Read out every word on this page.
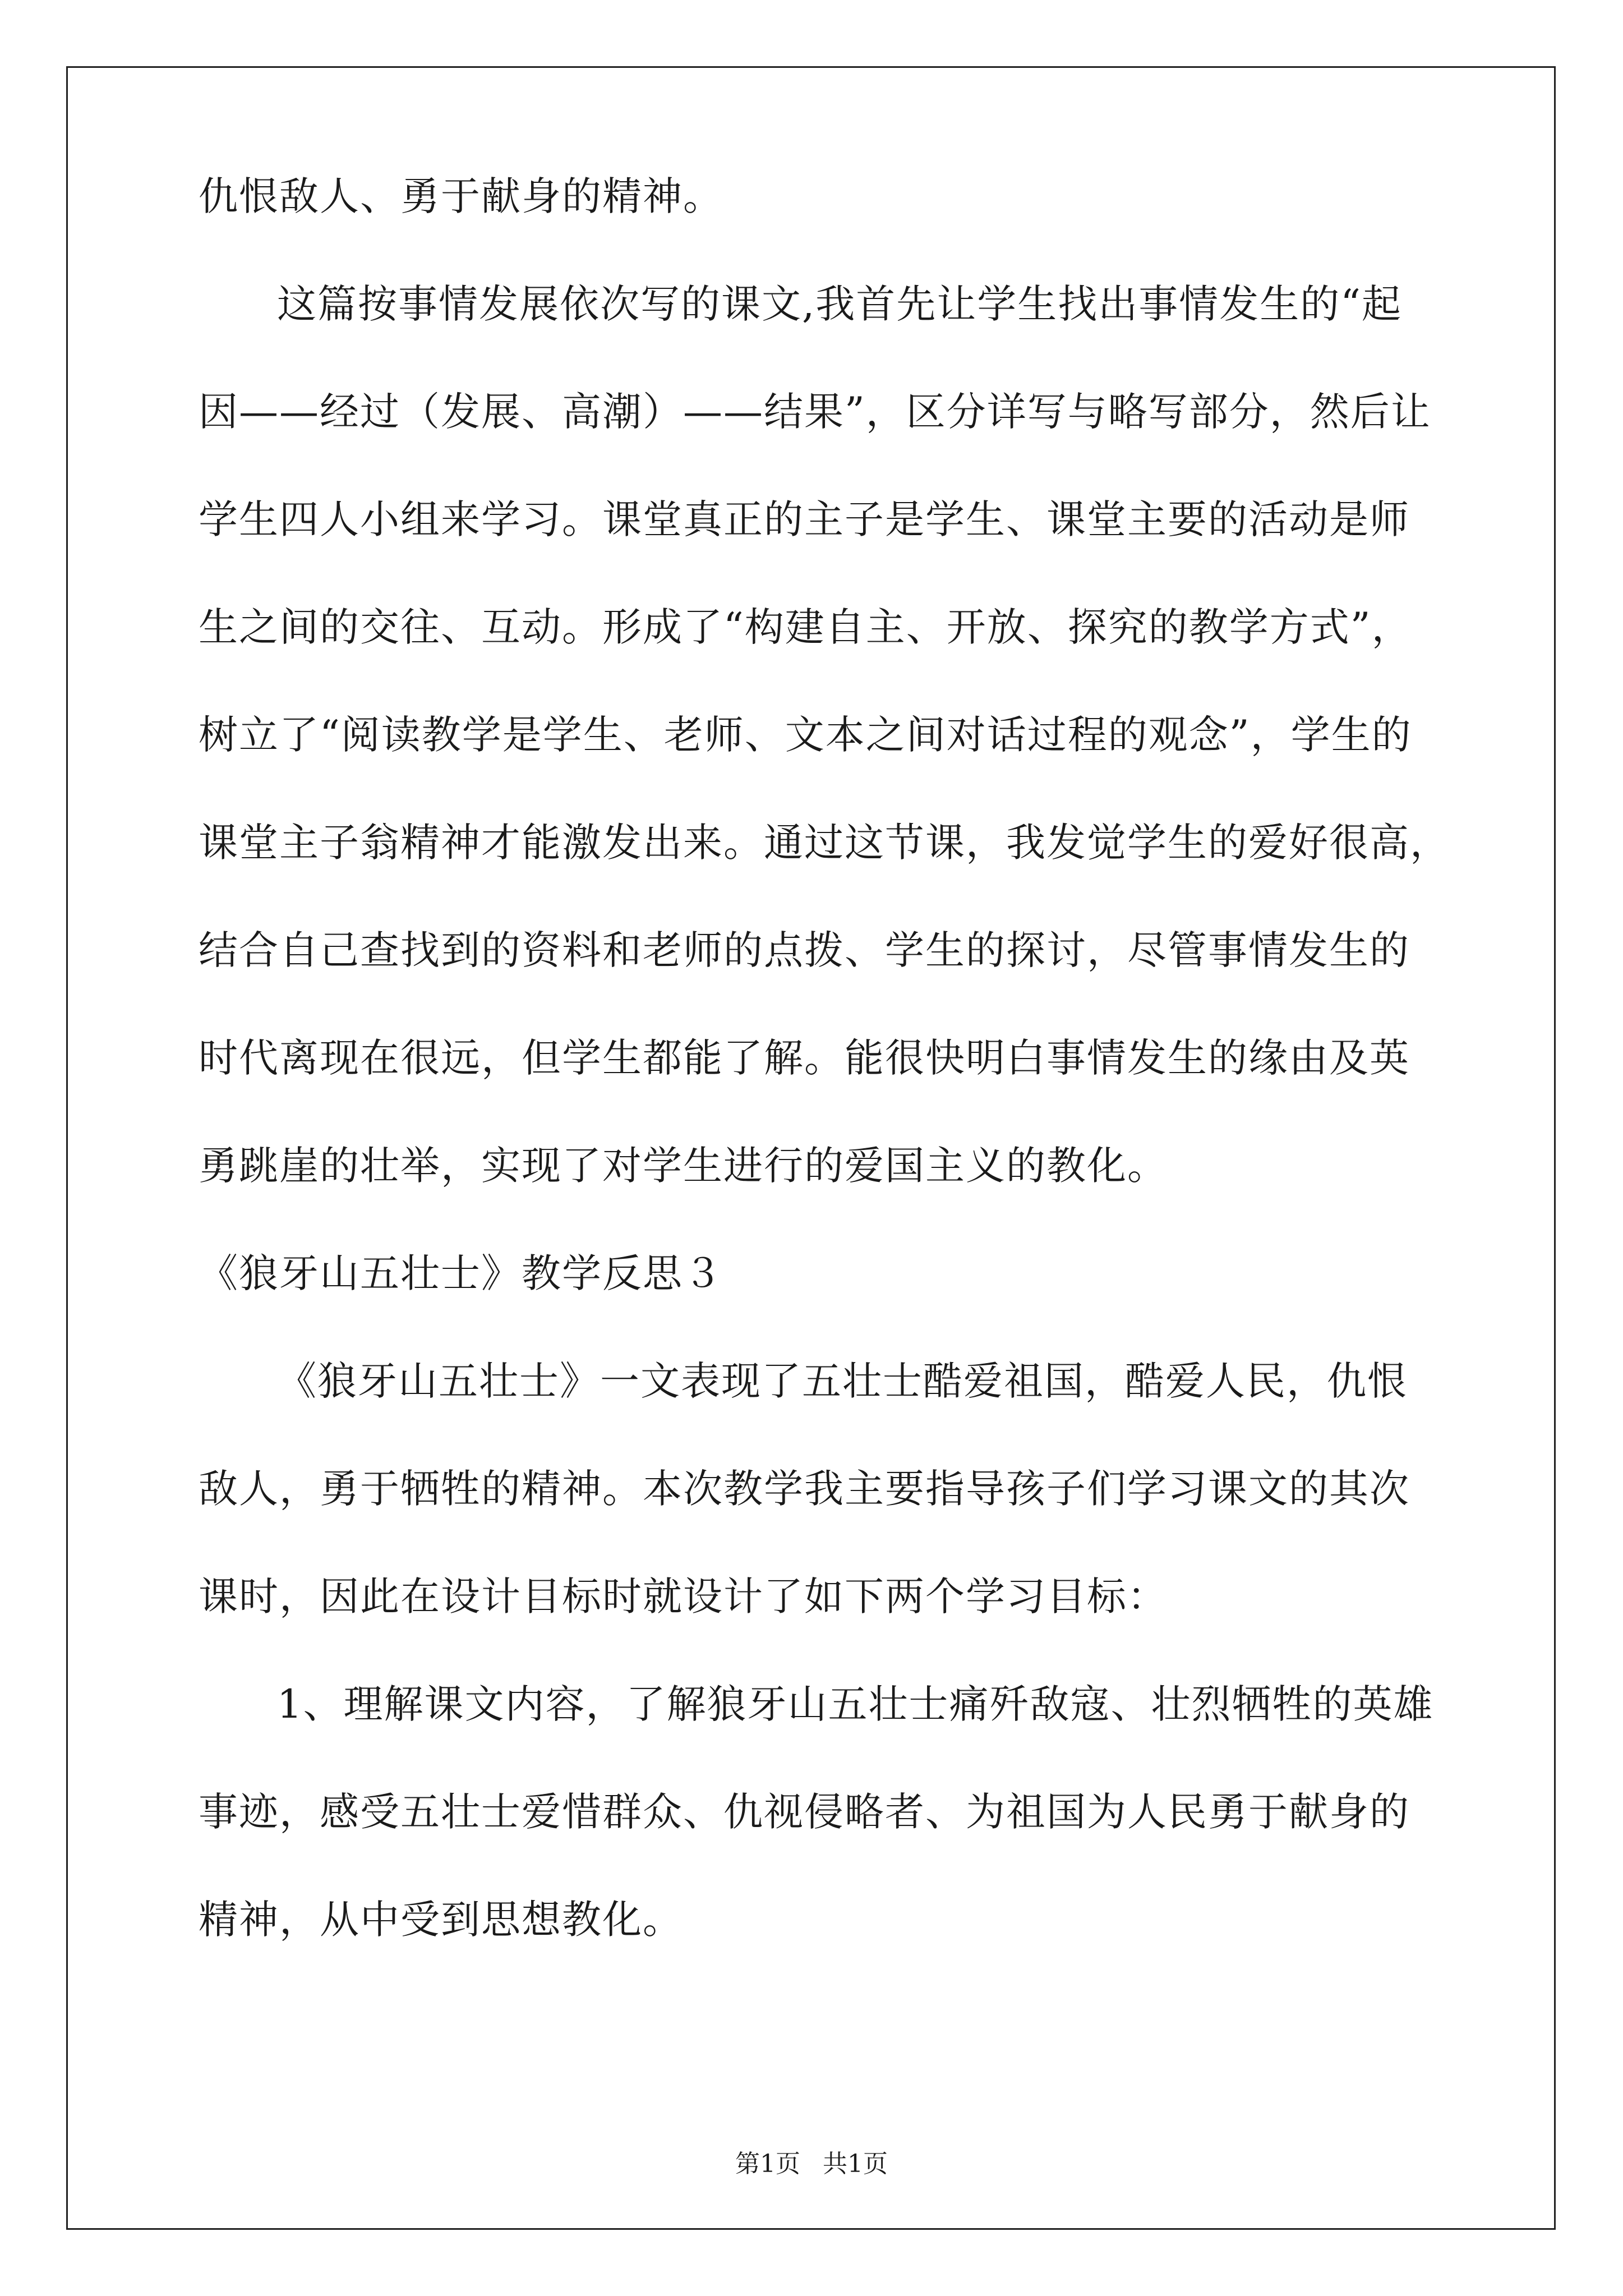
仇恨敌人、勇于献身的精神。
这篇按事情发展依次写的课文,我首先让学生找出事情发生的“起
因——经过（发展、高潮）——结果”，区分详写与略写部分，然后让
学生四人小组来学习。课堂真正的主子是学生、课堂主要的活动是师
生之间的交往、互动。形成了“构建自主、开放、探究的教学方式”，
树立了“阅读教学是学生、老师、文本之间对话过程的观念”，学生的
课堂主子翁精神才能激发出来。通过这节课，我发觉学生的爱好很高，
结合自己查找到的资料和老师的点拨、学生的探讨，尽管事情发生的
时代离现在很远，但学生都能了解。能很快明白事情发生的缘由及英
勇跳崖的壮举，实现了对学生进行的爱国主义的教化。
《狼牙山五壮士》教学反思３
《狼牙山五壮士》一文表现了五壮士酷爱祖国，酷爱人民，仇恨
敌人，勇于牺牲的精神。本次教学我主要指导孩子们学习课文的其次
课时，因此在设计目标时就设计了如下两个学习目标：
1、理解课文内容，了解狼牙山五壮士痛歼敌寇、壮烈牺牲的英雄
事迹，感受五壮士爱惜群众、仇视侵略者、为祖国为人民勇于献身的
精神，从中受到思想教化。
第1页 共1页
